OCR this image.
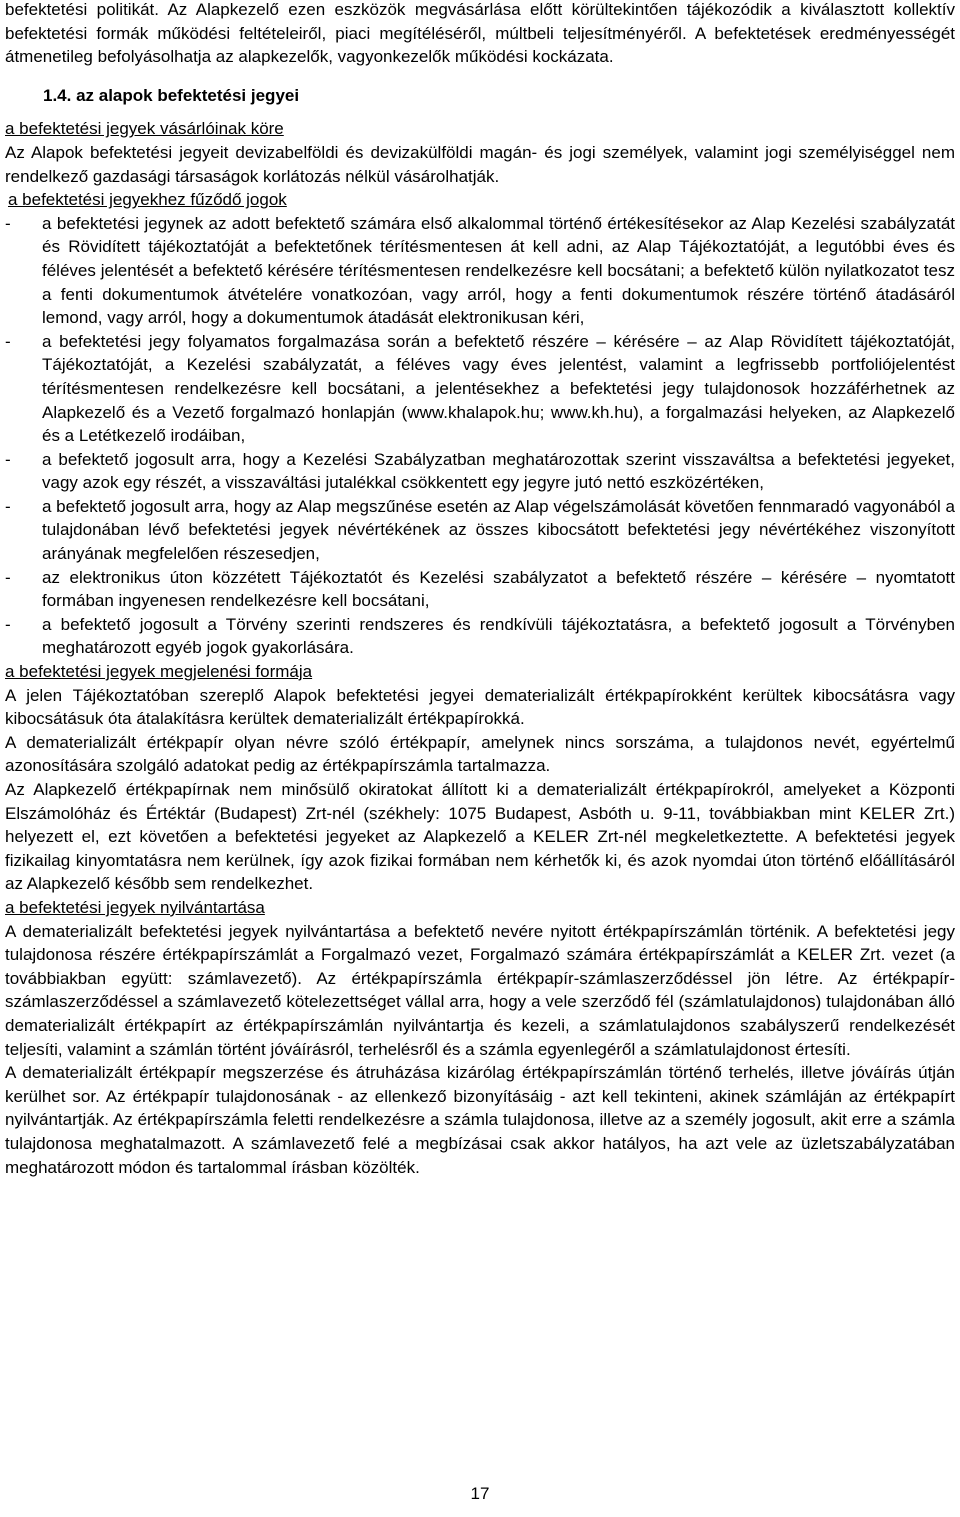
befektetési politikát. Az Alapkezelő ezen eszközök megvásárlása előtt körültekintően tájékozódik a kiválasztott kollektív befektetési formák működési feltételeiről, piaci megítéléséről, múltbeli teljesítményéről. A befektetések eredményességét átmenetileg befolyásolhatja az alapkezelők, vagyonkezelők működési kockázata.

1.4. az alapok befektetési jegyei

a befektetési jegyek vásárlóinak köre

Az Alapok befektetési jegyeit devizabelföldi és devizakülföldi magán- és jogi személyek, valamint jogi személyiséggel nem rendelkező gazdasági társaságok korlátozás nélkül vásárolhatják.

a befektetési jegyekhez fűződő jogok

- a befektetési jegynek az adott befektető számára első alkalommal történő értékesítésekor az Alap Kezelési szabályzatát és Rövidített tájékoztatóját a befektetőnek térítésmentesen át kell adni, az Alap Tájékoztatóját, a legutóbbi éves és féléves jelentését a befektető kérésére térítésmentesen rendelkezésre kell bocsátani; a befektető külön nyilatkozatot tesz a fenti dokumentumok átvételére vonatkozóan, vagy arról, hogy a fenti dokumentumok részére történő átadásáról lemond, vagy arról, hogy a dokumentumok átadását elektronikusan kéri,
- a befektetési jegy folyamatos forgalmazása során a befektető részére – kérésére – az Alap Rövidített tájékoztatóját, Tájékoztatóját, a Kezelési szabályzatát, a féléves vagy éves jelentést, valamint a legfrissebb portfoliójelentést térítésmentesen rendelkezésre kell bocsátani, a jelentésekhez a befektetési jegy tulajdonosok hozzáférhetnek az Alapkezelő és a Vezető forgalmazó honlapján (www.khalapok.hu; www.kh.hu), a forgalmazási helyeken, az Alapkezelő és a Letétkezelő irodáiban,
- a befektető jogosult arra, hogy a Kezelési Szabályzatban meghatározottak szerint visszaváltsa a befektetési jegyeket, vagy azok egy részét, a visszaváltási jutalékkal csökkentett egy jegyre jutó nettó eszközértéken,
- a befektető jogosult arra, hogy az Alap megszűnése esetén az Alap végelszámolását követően fennmaradó vagyonából a tulajdonában lévő befektetési jegyek névértékének az összes kibocsátott befektetési jegy névértékéhez viszonyított arányának megfelelően részesedjen,
- az elektronikus úton közzétett Tájékoztatót és Kezelési szabályzatot a befektető részére – kérésére – nyomtatott formában ingyenesen rendelkezésre kell bocsátani,
- a befektető jogosult a Törvény szerinti rendszeres és rendkívüli tájékoztatásra, a befektető jogosult a Törvényben meghatározott egyéb jogok gyakorlására.

a befektetési jegyek megjelenési formája

A jelen Tájékoztatóban szereplő Alapok befektetési jegyei dematerializált értékpapírokként kerültek kibocsátásra vagy kibocsátásuk óta átalakításra kerültek dematerializált értékpapírokká.

A dematerializált értékpapír olyan névre szóló értékpapír, amelynek nincs sorszáma, a tulajdonos nevét, egyértelmű azonosítására szolgáló adatokat pedig az értékpapírszámla tartalmazza.

Az Alapkezelő értékpapírnak nem minősülő okiratokat állított ki a dematerializált értékpapírokról, amelyeket a Központi Elszámolóház és Értéktár (Budapest) Zrt-nél (székhely: 1075 Budapest, Asbóth u. 9-11, továbbiakban mint KELER Zrt.) helyezett el, ezt követően a befektetési jegyeket az Alapkezelő a KELER Zrt-nél megkeletkeztette. A befektetési jegyek fizikailag kinyomtatásra nem kerülnek, így azok fizikai formában nem kérhetők ki, és azok nyomdai úton történő előállításáról az Alapkezelő később sem rendelkezhet.

a befektetési jegyek nyilvántartása

A dematerializált befektetési jegyek nyilvántartása a befektető nevére nyitott értékpapírszámlán történik. A befektetési jegy tulajdonosa részére értékpapírszámlát a Forgalmazó vezet, Forgalmazó számára értékpapírszámlát a KELER Zrt. vezet (a továbbiakban együtt: számlavezető). Az értékpapírszámla értékpapír-számlaszerződéssel jön létre. Az értékpapír-számlaszerződéssel a számlavezető kötelezettséget vállal arra, hogy a vele szerződő fél (számlatulajdonos) tulajdonában álló dematerializált értékpapírt az értékpapírszámlán nyilvántartja és kezeli, a számlatulajdonos szabályszerű rendelkezését teljesíti, valamint a számlán történt jóváírásról, terhelésről és a számla egyenlegéről a számlatulajdonost értesíti.

A dematerializált értékpapír megszerzése és átruházása kizárólag értékpapírszámlán történő terhelés, illetve jóváírás útján kerülhet sor. Az értékpapír tulajdonosának - az ellenkező bizonyításáig - azt kell tekinteni, akinek számláján az értékpapírt nyilvántartják. Az értékpapírszámla feletti rendelkezésre a számla tulajdonosa, illetve az a személy jogosult, akit erre a számla tulajdonosa meghatalmazott. A számlavezető felé a megbízásai csak akkor hatályos, ha azt vele az üzletszabályzatában meghatározott módon és tartalommal írásban közölték.

17
